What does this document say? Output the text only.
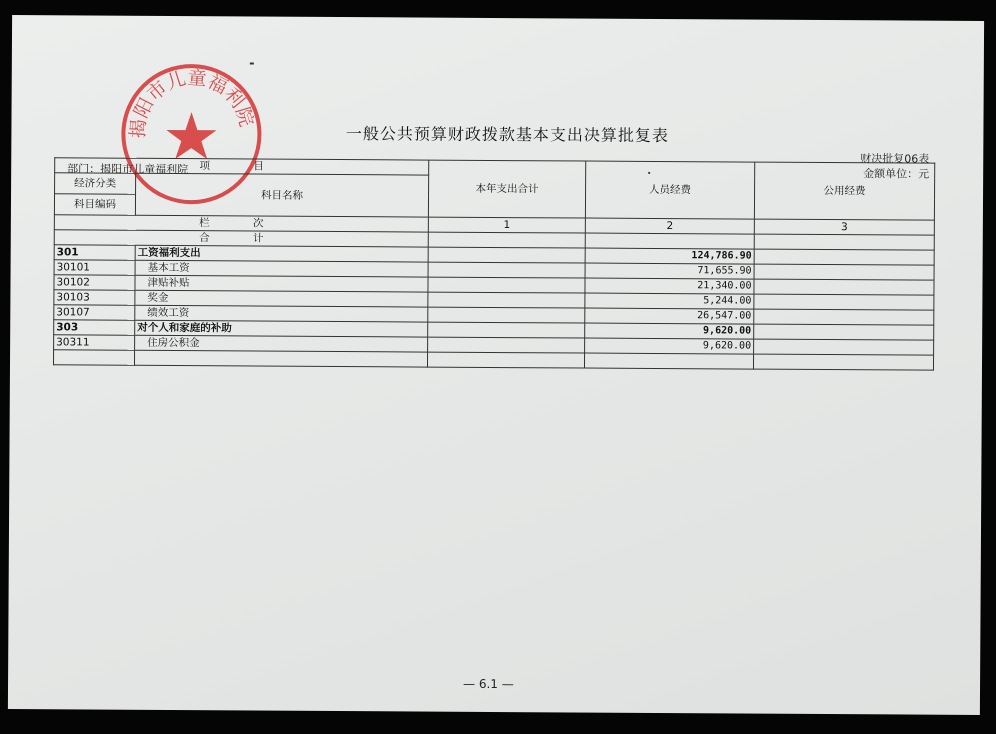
揭阳市儿童福利院
一般公共预算财政拨款基本支出决算批复表
财决批复06表
部门：揭阳市儿童福利院	金额单位：元
项 目		本年支出合计	人员经费	公用经费
经济分类	科目名称			
科目编码				
栏 次		1	2	3
合 计				
301	工资福利支出		124,786.90	
30101	基本工资		71,655.90	
30102	津贴补贴		21,340.00	
30103	奖金		5,244.00	
30107	绩效工资		26,547.00	
303	对个人和家庭的补助		9,620.00	
30311	住房公积金		9,620.00	

— 6.1 —
